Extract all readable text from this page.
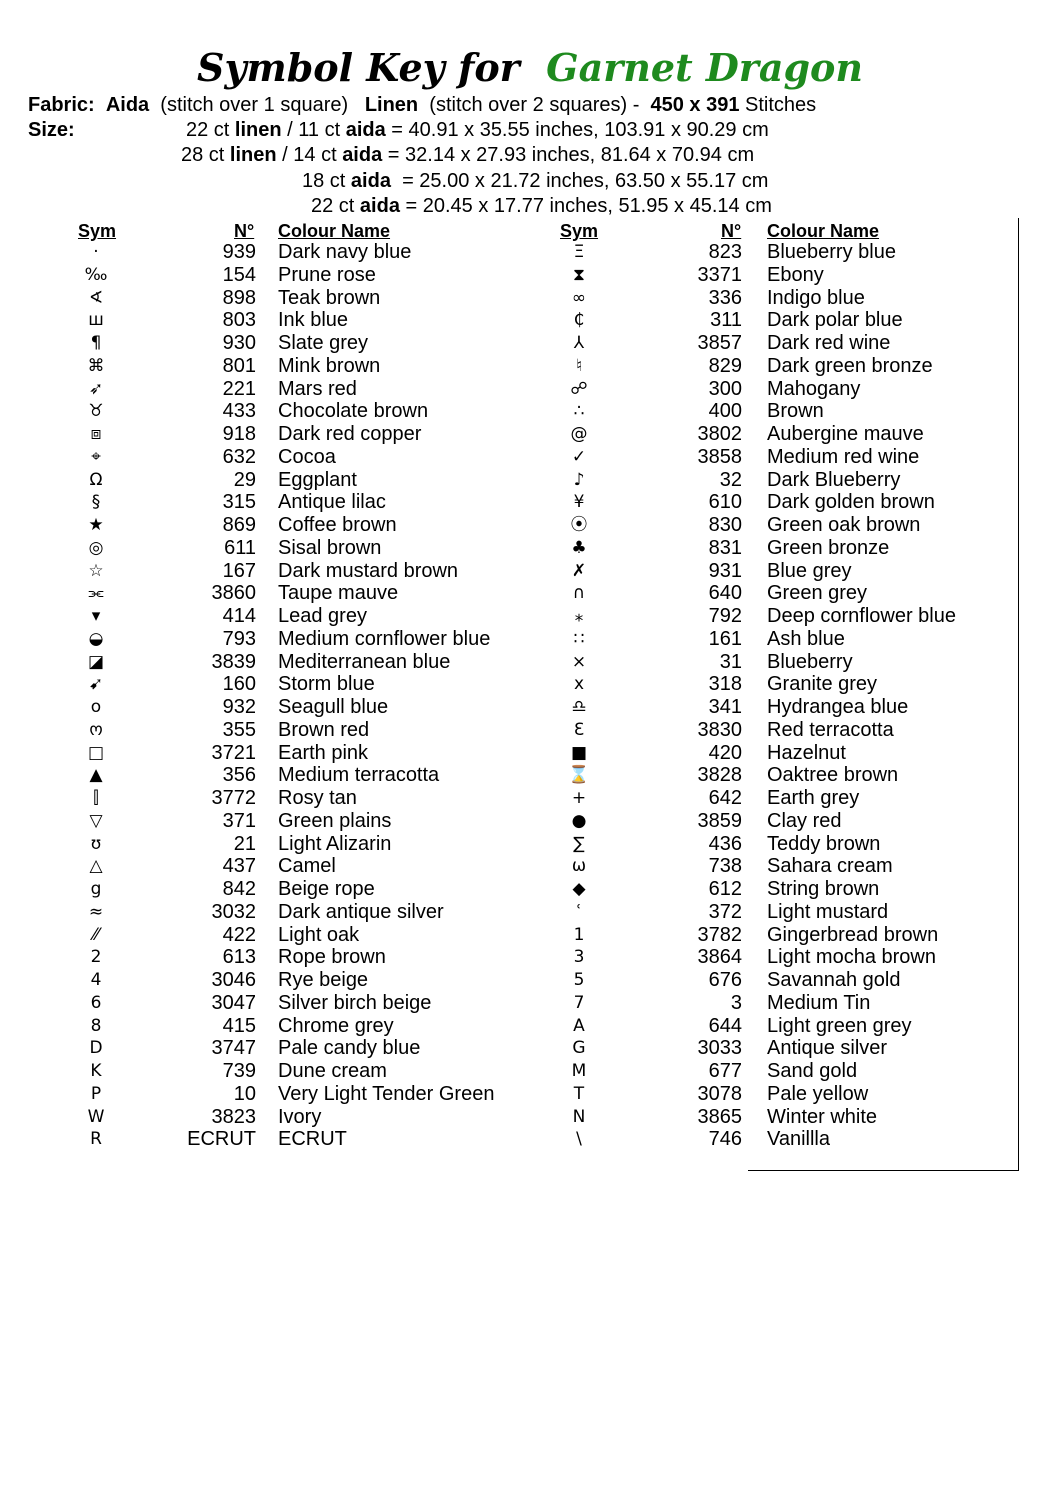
Symbol Key for Garnet Dragon
Fabric: Aida (stitch over 1 square) Linen (stitch over 2 squares) - 450 x 391 Stitches
Size:	22 ct linen / 11 ct aida = 40.91 x 35.55 inches, 103.91 x 90.29 cm
28 ct linen / 14 ct aida = 32.14 x 27.93 inches, 81.64 x 70.94 cm
18 ct aida  = 25.00 x 21.72 inches, 63.50 x 55.17 cm
22 ct aida = 20.45 x 17.77 inches, 51.95 x 45.14 cm
Sym	N° Colour Name	Sym	N° Colour Name
·	939 Dark navy blue	Ξ	823 Blueberry blue
‰	154 Prune rose	⧗	3371 Ebony
∢	898 Teak brown	∞	336 Indigo blue
ш	803 Ink blue	₵	311 Dark polar blue
¶	930 Slate grey	⅄	3857 Dark red wine
⌘	801 Mink brown	♮	829 Dark green bronze
➶	221 Mars red	☍	300 Mahogany
♉	433 Chocolate brown	∴	400 Brown
⧈	918 Dark red copper	@	3802 Aubergine mauve
⌖	632 Cocoa	✓	3858 Medium red wine
Ω	29 Eggplant	♪	32 Dark Blueberry
§	315 Antique lilac	¥	610 Dark golden brown
★	869 Coffee brown	⦿	830 Green oak brown
◎	611 Sisal brown	♣	831 Green bronze
☆	167 Dark mustard brown	✗	931 Blue grey
⫘	3860 Taupe mauve	∩	640 Green grey
▾	414 Lead grey	⁎	792 Deep cornflower blue
◒	793 Medium cornflower blue	∷	161 Ash blue
◪	3839 Mediterranean blue	⨯	31 Blueberry
➹	160 Storm blue	x	318 Granite grey
o	932 Seagull blue	♎	341 Hydrangea blue
ო	355 Brown red	Ɛ	3830 Red terracotta
□	3721 Earth pink	■	420 Hazelnut
▲	356 Medium terracotta	⌛	3828 Oaktree brown
⫿	3772 Rosy tan	+	642 Earth grey
▽	371 Green plains	●	3859 Clay red
ʊ	21 Light Alizarin	∑	436 Teddy brown
△	437 Camel	ω	738 Sahara cream
g	842 Beige rope	◆	612 String brown
≈	3032 Dark antique silver	ʿ	372 Light mustard
⁄⁄	422 Light oak	1	3782 Gingerbread brown
2	613 Rope brown	3	3864 Light mocha brown
4	3046 Rye beige	5	676 Savannah gold
6	3047 Silver birch beige	7	3 Medium Tin
8	415 Chrome grey	A	644 Light green grey
D	3747 Pale candy blue	G	3033 Antique silver
K	739 Dune cream	M	677 Sand gold
P	10 Very Light Tender Green	T	3078 Pale yellow
W	3823 Ivory	N	3865 Winter white
R	ECRUT ECRUT	\	746 Vanillla
